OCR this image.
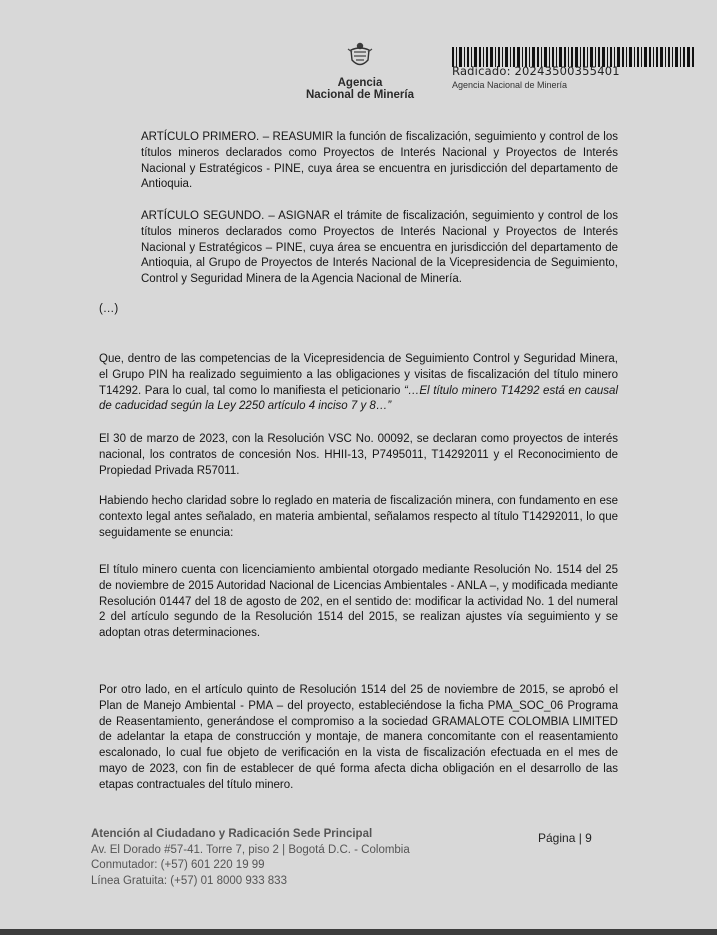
Agencia
Nacional de Minería
Radicado: 20243500355401
Agencia Nacional de Minería
ARTÍCULO PRIMERO. – REASUMIR la función de fiscalización, seguimiento y control de los títulos mineros declarados como Proyectos de Interés Nacional y Proyectos de Interés Nacional y Estratégicos - PINE, cuya área se encuentra en jurisdicción del departamento de Antioquia.
ARTÍCULO SEGUNDO. – ASIGNAR el trámite de fiscalización, seguimiento y control de los títulos mineros declarados como Proyectos de Interés Nacional y Proyectos de Interés Nacional y Estratégicos – PINE, cuya área se encuentra en jurisdicción del departamento de Antioquia, al Grupo de Proyectos de Interés Nacional de la Vicepresidencia de Seguimiento, Control y Seguridad Minera de la Agencia Nacional de Minería.
(…)
Que, dentro de las competencias de la Vicepresidencia de Seguimiento Control y Seguridad Minera, el Grupo PIN ha realizado seguimiento a las obligaciones y visitas de fiscalización del título minero T14292. Para lo cual, tal como lo manifiesta el peticionario “…El título minero T14292 está en causal de caducidad según la Ley 2250 artículo 4 inciso 7 y 8…”
El 30 de marzo de 2023, con la Resolución VSC No. 00092, se declaran como proyectos de interés nacional, los contratos de concesión Nos. HHII-13, P7495011, T14292011 y el Reconocimiento de Propiedad Privada R57011.
Habiendo hecho claridad sobre lo reglado en materia de fiscalización minera, con fundamento en ese contexto legal antes señalado, en materia ambiental, señalamos respecto al título T14292011, lo que seguidamente se enuncia:
El título minero cuenta con licenciamiento ambiental otorgado mediante Resolución No. 1514 del 25 de noviembre de 2015 Autoridad Nacional de Licencias Ambientales - ANLA –, y modificada mediante Resolución 01447 del 18 de agosto de 202, en el sentido de: modificar la actividad No. 1 del numeral 2 del artículo segundo de la Resolución 1514 del 2015, se realizan ajustes vía seguimiento y se adoptan otras determinaciones.
Por otro lado, en el artículo quinto de Resolución 1514 del 25 de noviembre de 2015, se aprobó el Plan de Manejo Ambiental - PMA – del proyecto, estableciéndose la ficha PMA_SOC_06 Programa de Reasentamiento, generándose el compromiso a la sociedad GRAMALOTE COLOMBIA LIMITED de adelantar la etapa de construcción y montaje, de manera concomitante con el reasentamiento escalonado, lo cual fue objeto de verificación en la vista de fiscalización efectuada en el mes de mayo de 2023, con fin de establecer de qué forma afecta dicha obligación en el desarrollo de las etapas contractuales del título minero.
Atención al Ciudadano y Radicación Sede Principal
Av. El Dorado #57-41. Torre 7, piso 2 | Bogotá D.C. - Colombia
Conmutador: (+57) 601 220 19 99
Línea Gratuita: (+57) 01 8000 933 833
Página | 9
